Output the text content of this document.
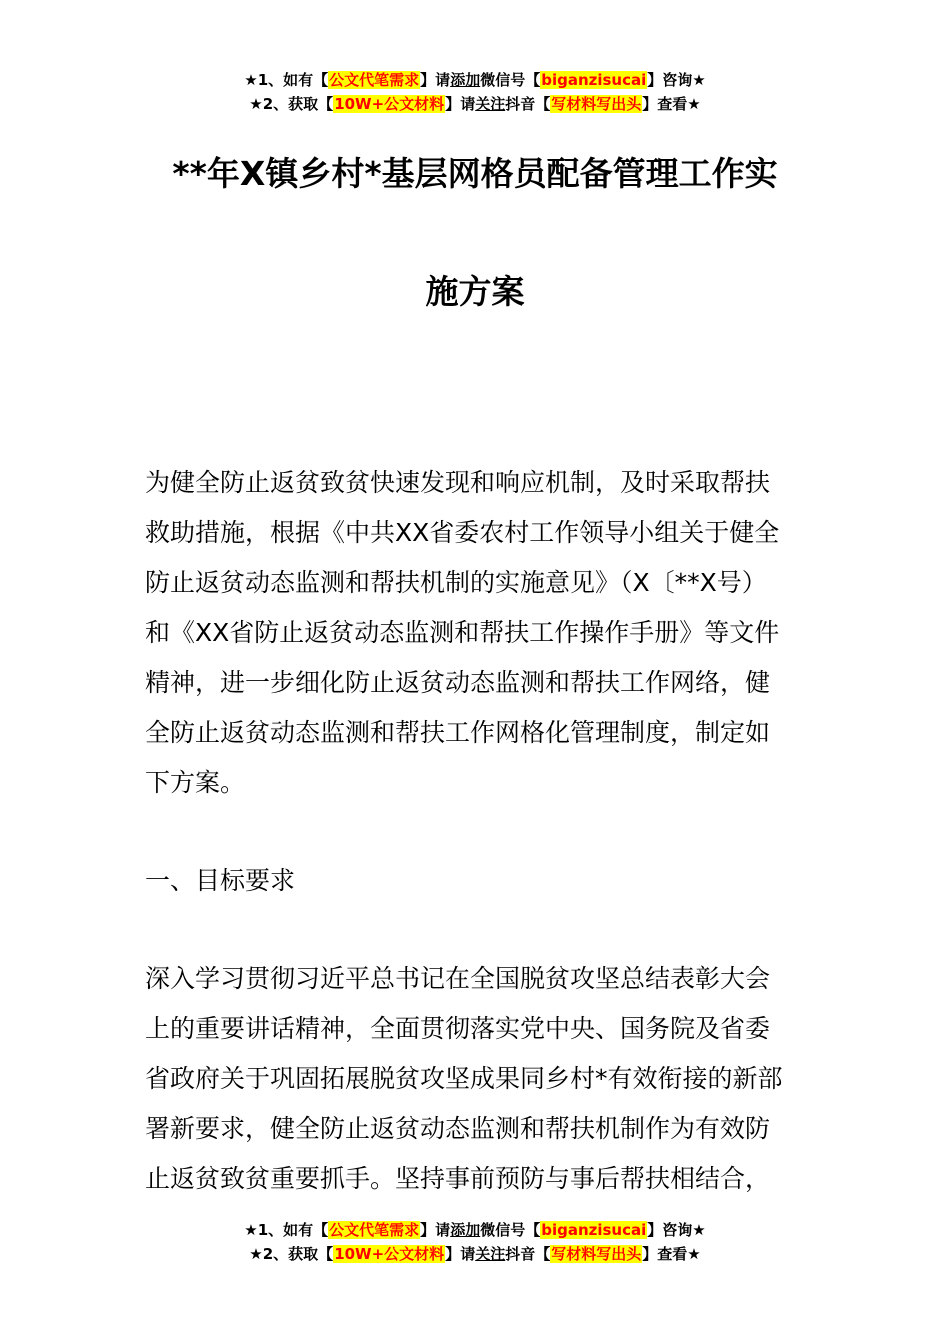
★1、如有【公文代笔需求】请添加微信号【biganzisucai】咨询★
★2、获取【10W+公文材料】请关注抖音【写材料写出头】查看★
**年X镇乡村*基层网格员配备管理工作实
施方案
为健全防止返贫致贫快速发现和响应机制，及时采取帮扶
救助措施，根据《中共XX省委农村工作领导小组关于健全
防止返贫动态监测和帮扶机制的实施意见》（X〔**X号）
和《XX省防止返贫动态监测和帮扶工作操作手册》等文件
精神，进一步细化防止返贫动态监测和帮扶工作网络，健
全防止返贫动态监测和帮扶工作网格化管理制度，制定如
下方案。
一、目标要求
深入学习贯彻习近平总书记在全国脱贫攻坚总结表彰大会
上的重要讲话精神，全面贯彻落实党中央、国务院及省委
省政府关于巩固拓展脱贫攻坚成果同乡村*有效衔接的新部
署新要求，健全防止返贫动态监测和帮扶机制作为有效防
止返贫致贫重要抓手。坚持事前预防与事后帮扶相结合，
★1、如有【公文代笔需求】请添加微信号【biganzisucai】咨询★
★2、获取【10W+公文材料】请关注抖音【写材料写出头】查看★
